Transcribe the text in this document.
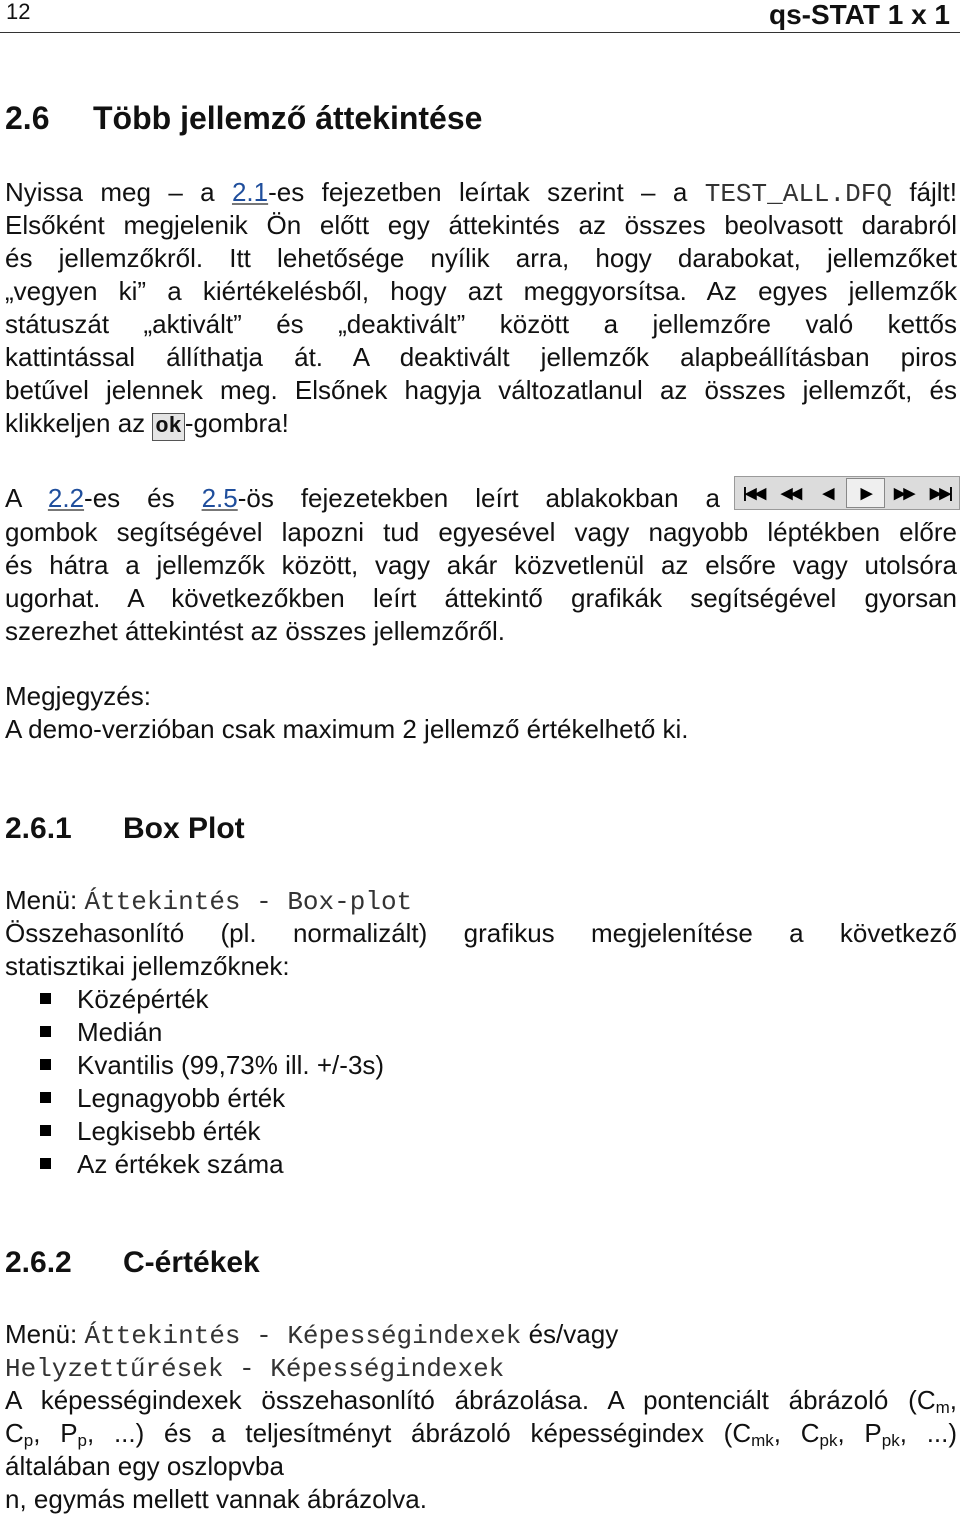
12	qs-STAT 1 x 1
2.6 Több jellemző áttekintése
Nyissa meg – a 2.1-es fejezetben leírtak szerint – a TEST_ALL.DFQ fájlt!
Elsőként megjelenik Ön előtt egy áttekintés az összes beolvasott darabról
és jellemzőkről. Itt lehetősége nyílik arra, hogy darabokat, jellemzőket
„vegyen ki” a kiértékelésből, hogy azt meggyorsítsa. Az egyes jellemzők
státuszát „aktivált” és „deaktivált” között a jellemzőre való kettős
kattintással állíthatja át. A deaktivált jellemzők alapbeállításban piros
betűvel jelennek meg. Elsőnek hagyja változatlanul az összes jellemzőt, és
klikkeljen az ok -gombra!
A 2.2-es és 2.5-ös fejezetekben leírt ablakokban a	|◀◀	◀◀	◀	▶	▶▶	▶▶|
gombok segítségével lapozni tud egyesével vagy nagyobb léptékben előre
és hátra a jellemzők között, vagy akár közvetlenül az elsőre vagy utolsóra
ugorhat. A következőkben leírt áttekintő grafikák segítségével gyorsan
szerezhet áttekintést az összes jellemzőről.
Megjegyzés:
A demo-verzióban csak maximum 2 jellemző értékelhető ki.
2.6.1 Box Plot
Menü: Áttekintés - Box-plot
Összehasonlító (pl. normalizált) grafikus megjelenítése a következő
statisztikai jellemzőknek:
Középérték
Medián
Kvantilis (99,73% ill. +/-3s)
Legnagyobb érték
Legkisebb érték
Az értékek száma
2.6.2 C-értékek
Menü: Áttekintés - Képességindexek és/vagy
Helyzettűrések - Képességindexek
A képességindexek összehasonlító ábrázolása. A pontenciált ábrázoló ($C_m$,
$C_p$, $P_p$, ...) és a teljesítményt ábrázoló képességindex ($C_{mk}$, $C_{pk}$, $P_{pk}$, ...)
általában egy oszlopvba
n, egymás mellett vannak ábrázolva.
